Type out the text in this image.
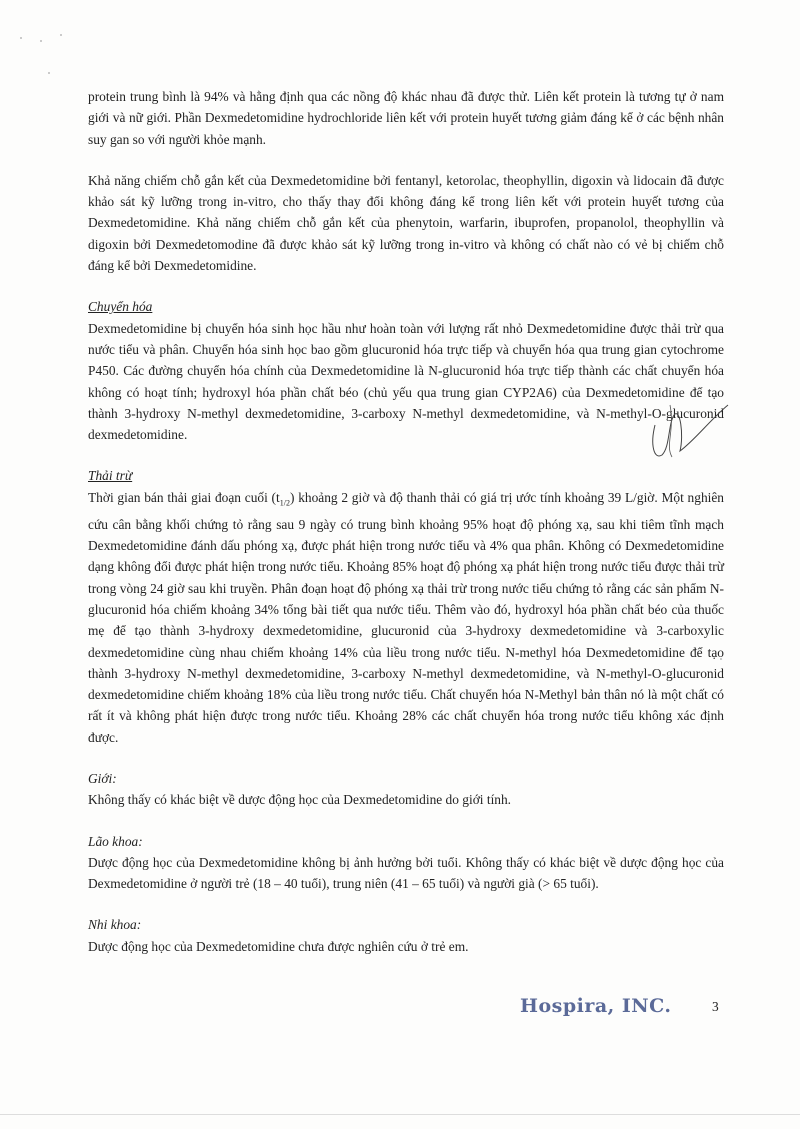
protein trung bình là 94% và hằng định qua các nồng độ khác nhau đã được thử. Liên kết protein là tương tự ở nam giới và nữ giới. Phần Dexmedetomidine hydrochloride liên kết với protein huyết tương giảm đáng kể ở các bệnh nhân suy gan so với người khỏe mạnh.

Khả năng chiếm chỗ gắn kết của Dexmedetomidine bởi fentanyl, ketorolac, theophyllin, digoxin và lidocain đã được khảo sát kỹ lưỡng trong in-vitro, cho thấy thay đổi không đáng kể trong liên kết với protein huyết tương của Dexmedetomidine. Khả năng chiếm chỗ gắn kết của phenytoin, warfarin, ibuprofen, propanolol, theophyllin và digoxin bởi Dexmedetomodine đã được khảo sát kỹ lưỡng trong in-vitro và không có chất nào có vẻ bị chiếm chỗ đáng kể bởi Dexmedetomidine.

Chuyển hóa

Dexmedetomidine bị chuyển hóa sinh học hầu như hoàn toàn với lượng rất nhỏ Dexmedetomidine được thải trừ qua nước tiểu và phân. Chuyển hóa sinh học bao gồm glucuronid hóa trực tiếp và chuyển hóa qua trung gian cytochrome P450. Các đường chuyển hóa chính của Dexmedetomidine là N-glucuronid hóa trực tiếp thành các chất chuyển hóa không có hoạt tính; hydroxyl hóa phần chất béo (chủ yếu qua trung gian CYP2A6) của Dexmedetomidine để tạo thành 3-hydroxy N-methyl dexmedetomidine, 3-carboxy N-methyl dexmedetomidine, và N-methyl-O-glucuronid dexmedetomidine.

Thải trừ

Thời gian bán thải giai đoạn cuối $(t_{1/2})$ khoảng 2 giờ và độ thanh thải có giá trị ước tính khoảng 39 L/giờ. Một nghiên cứu cân bằng khối chứng tỏ rằng sau 9 ngày có trung bình khoảng 95% hoạt độ phóng xạ, sau khi tiêm tĩnh mạch Dexmedetomidine đánh dấu phóng xạ, được phát hiện trong nước tiểu và 4% qua phân. Không có Dexmedetomidine dạng không đổi được phát hiện trong nước tiểu. Khoảng 85% hoạt độ phóng xạ phát hiện trong nước tiểu được thải trừ trong vòng 24 giờ sau khi truyền. Phân đoạn hoạt độ phóng xạ thải trừ trong nước tiểu chứng tỏ rằng các sản phẩm N-glucuronid hóa chiếm khoảng 34% tổng bài tiết qua nước tiểu. Thêm vào đó, hydroxyl hóa phần chất béo của thuốc mẹ để tạo thành 3-hydroxy dexmedetomidine, glucuronid của 3-hydroxy dexmedetomidine và 3-carboxylic dexmedetomidine cùng nhau chiếm khoảng 14% của liều trong nước tiểu. N-methyl hóa Dexmedetomidine để tạo thành 3-hydroxy N-methyl dexmedetomidine, 3-carboxy N-methyl dexmedetomidine, và N-methyl-O-glucuronid dexmedetomidine chiếm khoảng 18% của liều trong nước tiểu. Chất chuyển hóa N-Methyl bản thân nó là một chất có rất ít và không phát hiện được trong nước tiểu. Khoảng 28% các chất chuyển hóa trong nước tiểu không xác định được.

Giới:

Không thấy có khác biệt về dược động học của Dexmedetomidine do giới tính.

Lão khoa:

Dược động học của Dexmedetomidine không bị ảnh hưởng bởi tuổi. Không thấy có khác biệt về dược động học của Dexmedetomidine ở người trẻ (18 – 40 tuổi), trung niên (41 – 65 tuổi) và người già (> 65 tuổi).

Nhi khoa:

Dược động học của Dexmedetomidine chưa được nghiên cứu ở trẻ em.

Hospira, INC.	3
